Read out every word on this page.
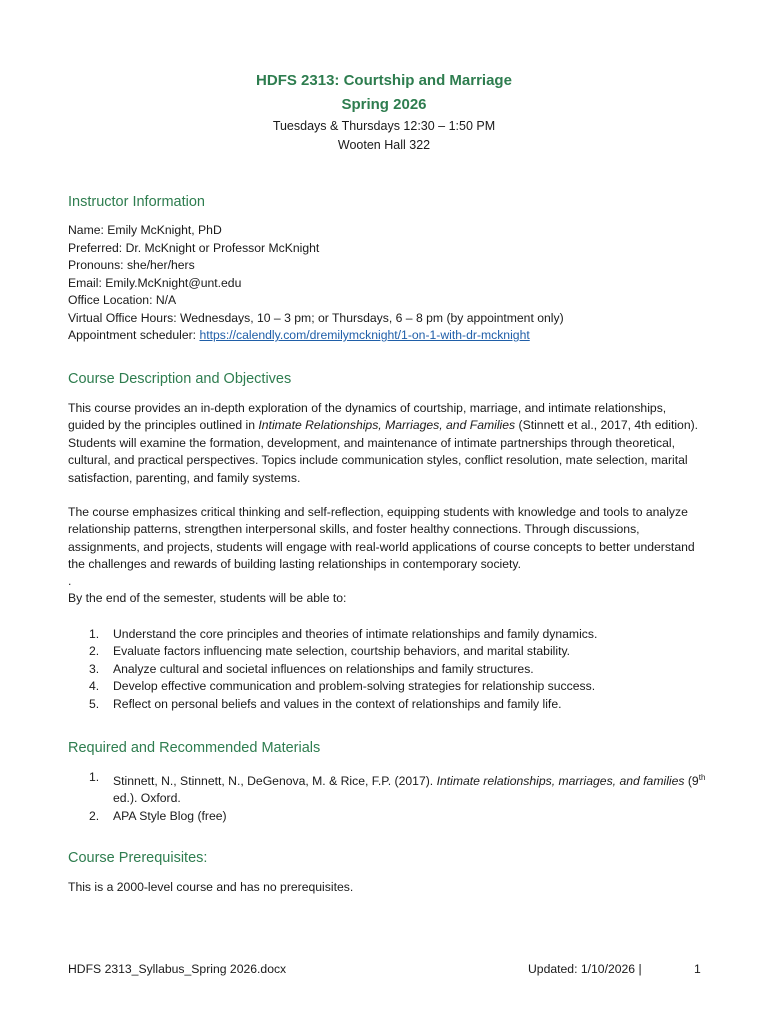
HDFS 2313: Courtship and Marriage
Spring 2026
Tuesdays & Thursdays 12:30 – 1:50 PM
Wooten Hall 322
Instructor Information
Name: Emily McKnight, PhD
Preferred: Dr. McKnight or Professor McKnight
Pronouns: she/her/hers
Email: Emily.McKnight@unt.edu
Office Location: N/A
Virtual Office Hours: Wednesdays, 10 – 3 pm; or Thursdays, 6 – 8 pm (by appointment only)
Appointment scheduler: https://calendly.com/dremilymcknight/1-on-1-with-dr-mcknight
Course Description and Objectives
This course provides an in-depth exploration of the dynamics of courtship, marriage, and intimate relationships, guided by the principles outlined in Intimate Relationships, Marriages, and Families (Stinnett et al., 2017, 4th edition). Students will examine the formation, development, and maintenance of intimate partnerships through theoretical, cultural, and practical perspectives. Topics include communication styles, conflict resolution, mate selection, marital satisfaction, parenting, and family systems.
The course emphasizes critical thinking and self-reflection, equipping students with knowledge and tools to analyze relationship patterns, strengthen interpersonal skills, and foster healthy connections. Through discussions, assignments, and projects, students will engage with real-world applications of course concepts to better understand the challenges and rewards of building lasting relationships in contemporary society.
.
By the end of the semester, students will be able to:
1. Understand the core principles and theories of intimate relationships and family dynamics.
2. Evaluate factors influencing mate selection, courtship behaviors, and marital stability.
3. Analyze cultural and societal influences on relationships and family structures.
4. Develop effective communication and problem-solving strategies for relationship success.
5. Reflect on personal beliefs and values in the context of relationships and family life.
Required and Recommended Materials
1. Stinnett, N., Stinnett, N., DeGenova, M. & Rice, F.P. (2017). Intimate relationships, marriages, and families (9th ed.). Oxford.
2. APA Style Blog (free)
Course Prerequisites:
This is a 2000-level course and has no prerequisites.
HDFS 2313_Syllabus_Spring 2026.docx	Updated: 1/10/2026 |	1
